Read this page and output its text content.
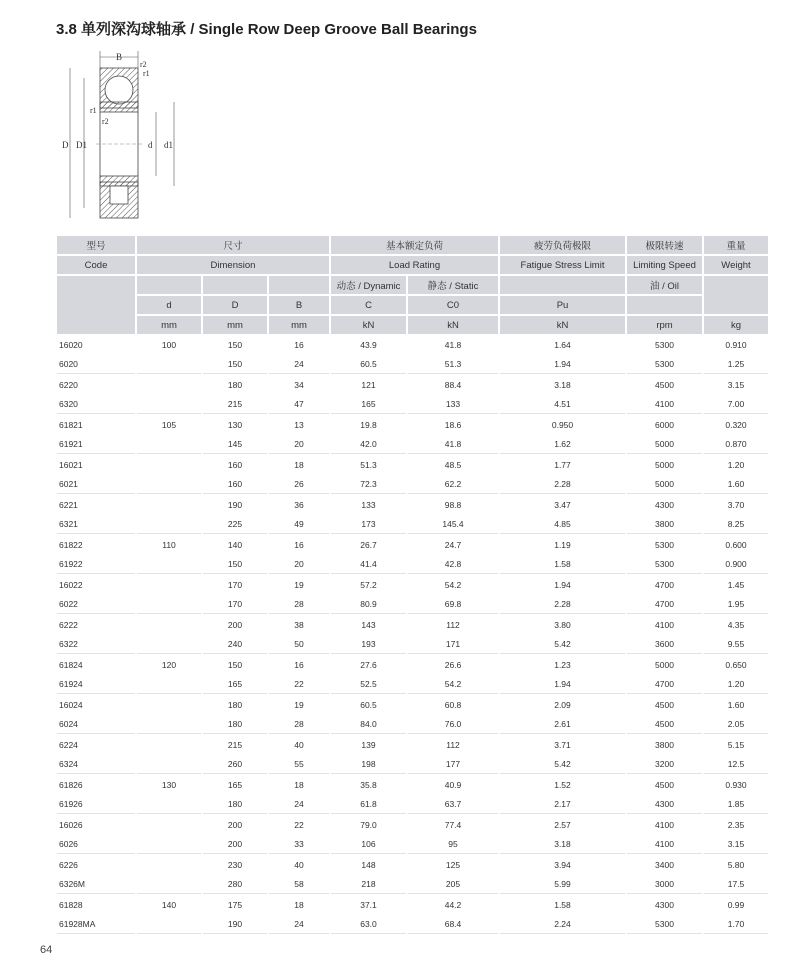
3.8 单列深沟球轴承 / Single Row Deep Groove Ball Bearings
B
r2
r1
r1
r2
D D1	d d1
型号	尺寸			基本额定负荷		疲劳负荷极限	极限转速	重量
Code	Dimension			Load Rating		Fatigue Stress Limit	Limiting Speed	Weight
				动态 / Dynamic	静态 / Static		油 / Oil	
	d	D	B	C	C0	Pu		
	mm	mm	mm	kN	kN	kN	rpm	kg
16020	100	150	16	43.9	41.8	1.64	5300	0.910
6020		150	24	60.5	51.3	1.94	5300	1.25
6220		180	34	121	88.4	3.18	4500	3.15
6320		215	47	165	133	4.51	4100	7.00
61821	105	130	13	19.8	18.6	0.950	6000	0.320
61921		145	20	42.0	41.8	1.62	5000	0.870
16021		160	18	51.3	48.5	1.77	5000	1.20
6021		160	26	72.3	62.2	2.28	5000	1.60
6221		190	36	133	98.8	3.47	4300	3.70
6321		225	49	173	145.4	4.85	3800	8.25
61822	110	140	16	26.7	24.7	1.19	5300	0.600
61922		150	20	41.4	42.8	1.58	5300	0.900
16022		170	19	57.2	54.2	1.94	4700	1.45
6022		170	28	80.9	69.8	2.28	4700	1.95
6222		200	38	143	112	3.80	4100	4.35
6322		240	50	193	171	5.42	3600	9.55
61824	120	150	16	27.6	26.6	1.23	5000	0.650
61924		165	22	52.5	54.2	1.94	4700	1.20
16024		180	19	60.5	60.8	2.09	4500	1.60
6024		180	28	84.0	76.0	2.61	4500	2.05
6224		215	40	139	112	3.71	3800	5.15
6324		260	55	198	177	5.42	3200	12.5
61826	130	165	18	35.8	40.9	1.52	4500	0.930
61926		180	24	61.8	63.7	2.17	4300	1.85
16026		200	22	79.0	77.4	2.57	4100	2.35
6026		200	33	106	95	3.18	4100	3.15
6226		230	40	148	125	3.94	3400	5.80
6326M		280	58	218	205	5.99	3000	17.5
61828	140	175	18	37.1	44.2	1.58	4300	0.99
61928MA		190	24	63.0	68.4	2.24	5300	1.70
64
